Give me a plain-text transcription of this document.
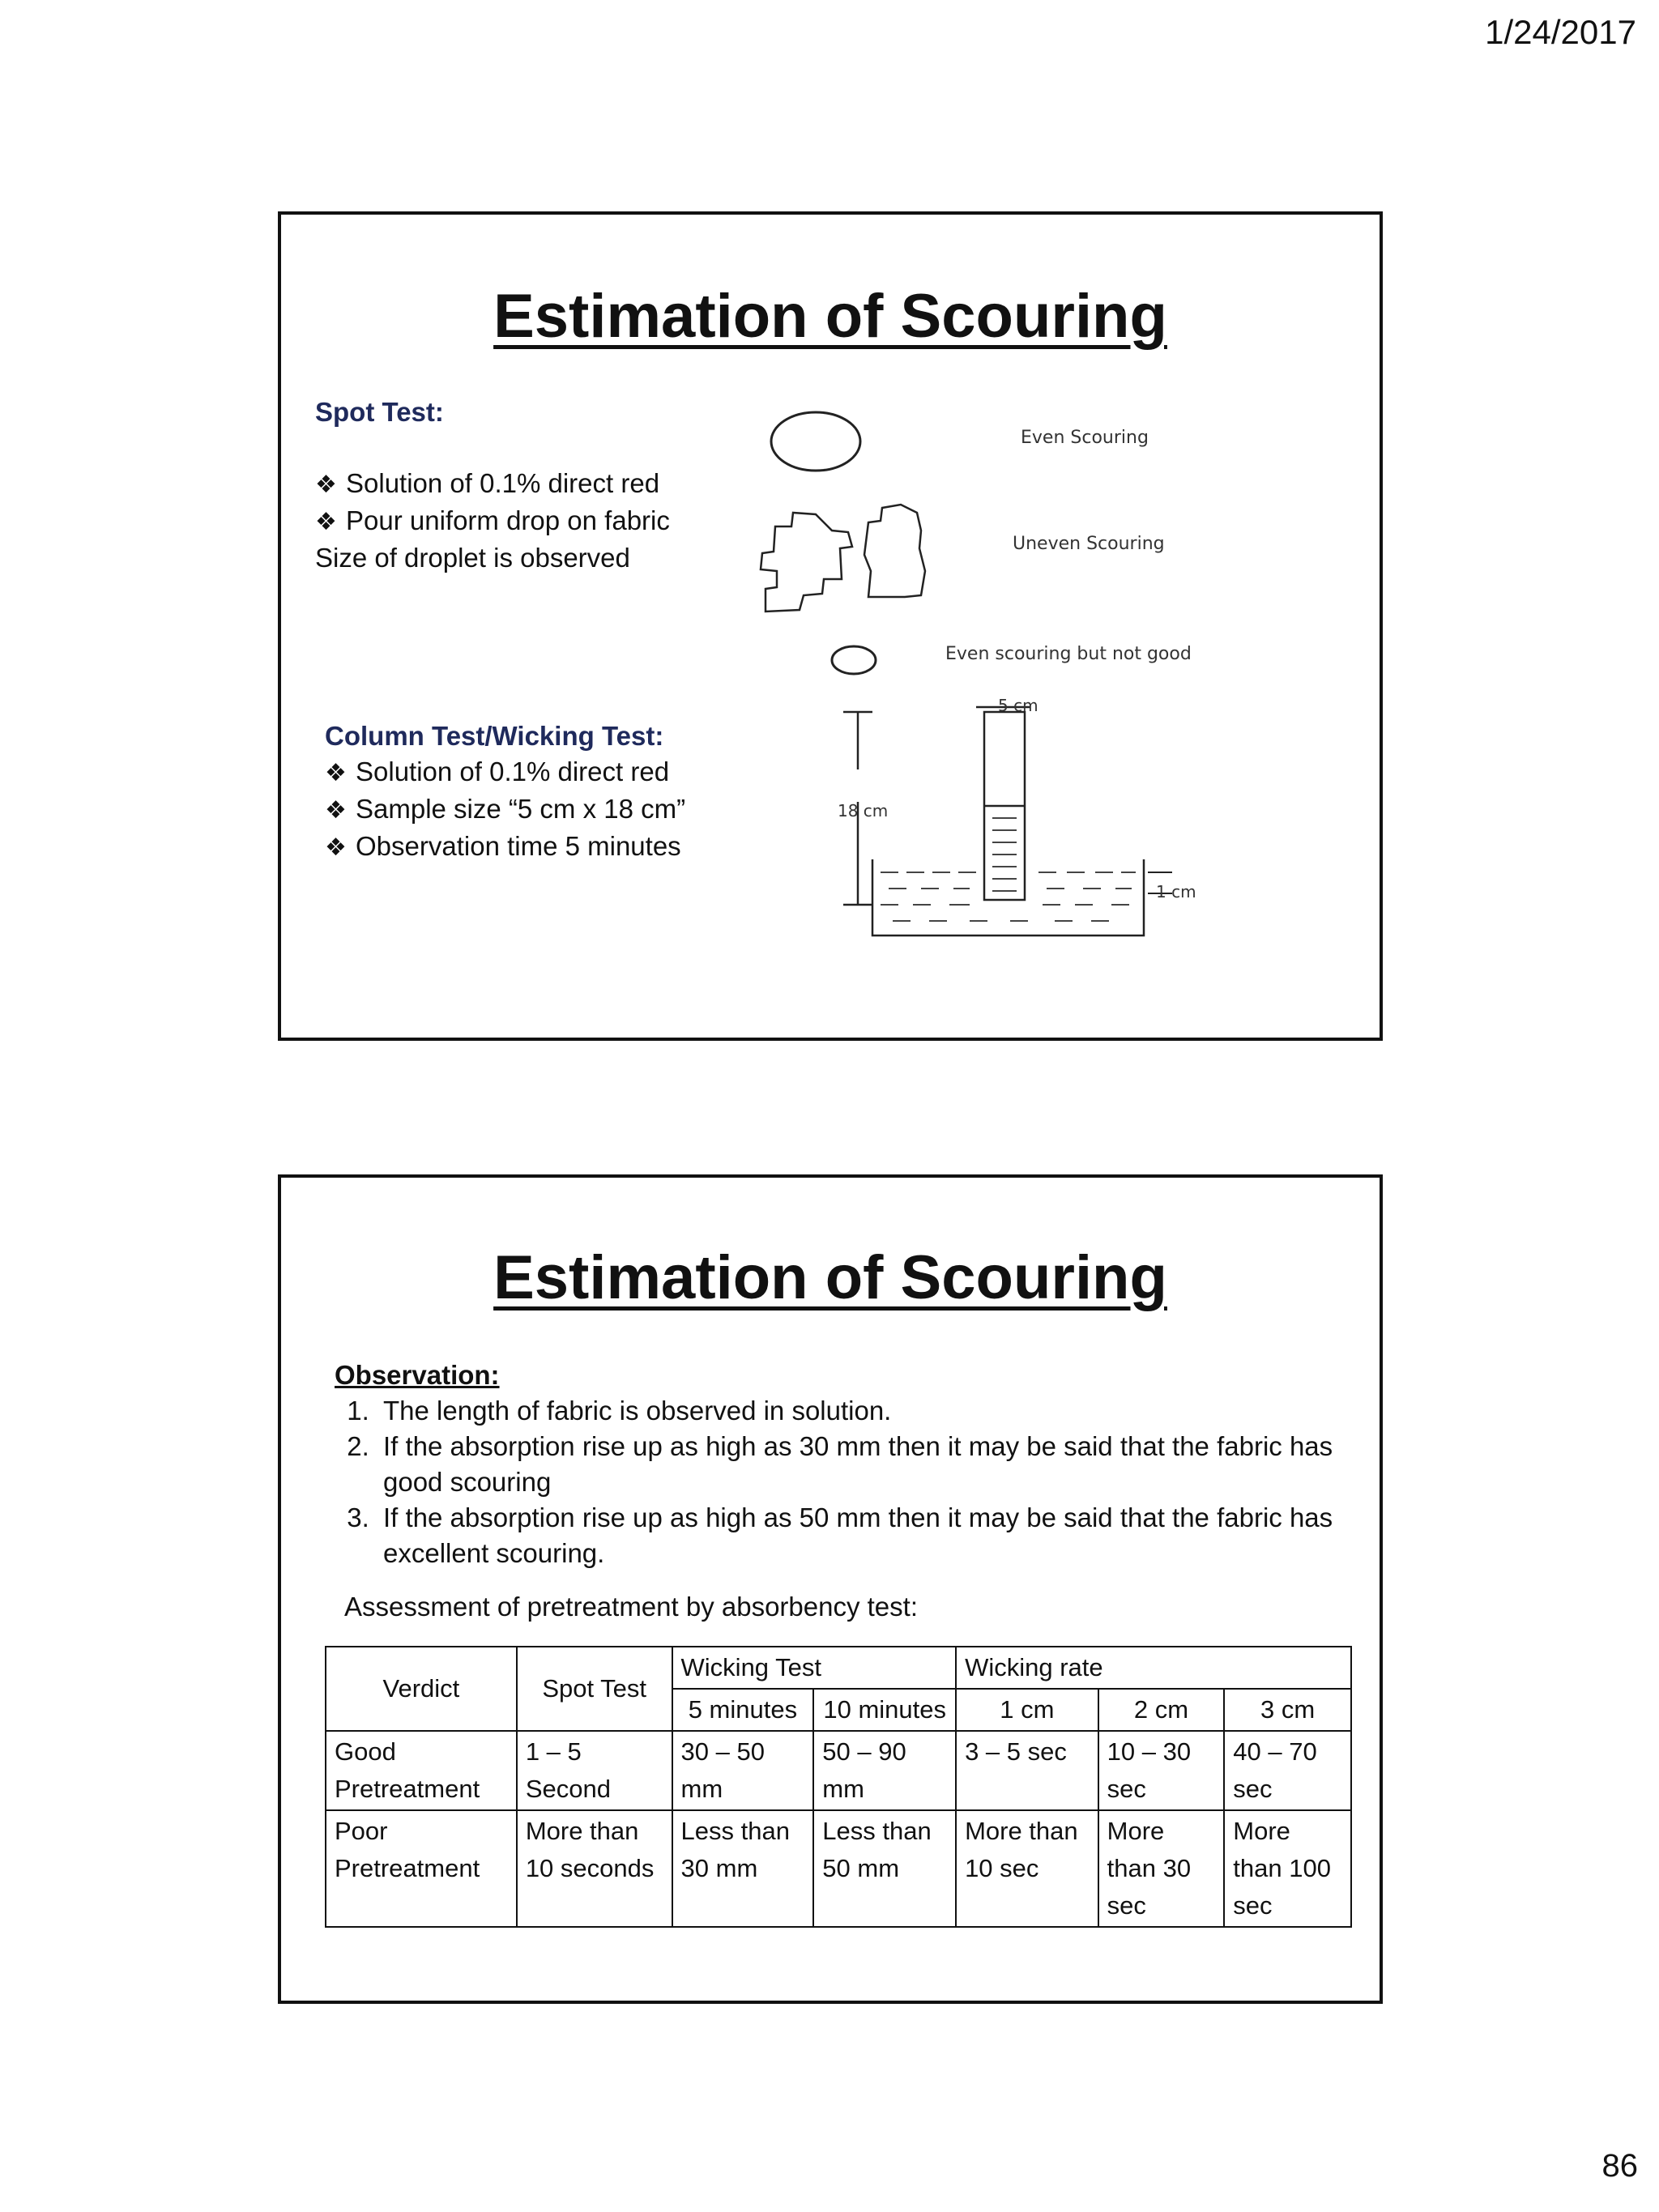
1/24/2017
Estimation of Scouring
Spot Test:
❖ Solution of 0.1% direct red
❖ Pour uniform drop on fabric
Size of droplet is observed
Column Test/Wicking Test:
❖ Solution of 0.1% direct red
❖ Sample size “5 cm x 18 cm”
❖ Observation time 5 minutes
Even Scouring
Uneven Scouring
Even scouring but not good
5 cm
18 cm
1 cm
Estimation of Scouring
Observation:
1. The length of fabric is observed in solution.
2. If the absorption rise up as high as 30 mm then it may be said that the fabric has good scouring
3. If the absorption rise up as high as 50 mm then it may be said that the fabric has excellent scouring.
Assessment of pretreatment by absorbency test:
Verdict	Spot Test	Wicking Test		Wicking rate		
		5 minutes	10 minutes	1 cm	2 cm	3 cm
Good Pretreatment	1 – 5 Second	30 – 50 mm	50 – 90 mm	3 – 5 sec	10 – 30 sec	40 – 70 sec
Poor Pretreatment	More than 10 seconds	Less than 30 mm	Less than 50 mm	More than 10 sec	More than 30 sec	More than 100 sec
86
